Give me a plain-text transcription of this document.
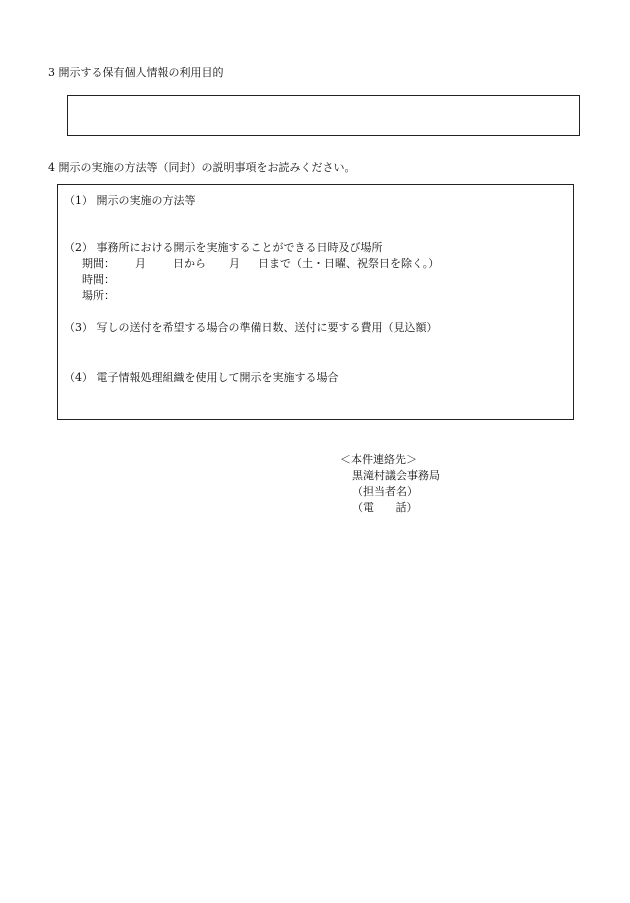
3 開示する保有個人情報の利用目的
4 開示の実施の方法等（同封）の説明事項をお読みください。
（1） 開示の実施の方法等
（2） 事務所における開示を実施することができる日時及び場所
期間： 月 日から 月 日まで（土・日曜、祝祭日を除く。）
時間：
場所：
（3） 写しの送付を希望する場合の準備日数、送付に要する費用（見込額）
（4） 電子情報処理組織を使用して開示を実施する場合
＜本件連絡先＞
黒滝村議会事務局
（担当者名）
（電 話）
